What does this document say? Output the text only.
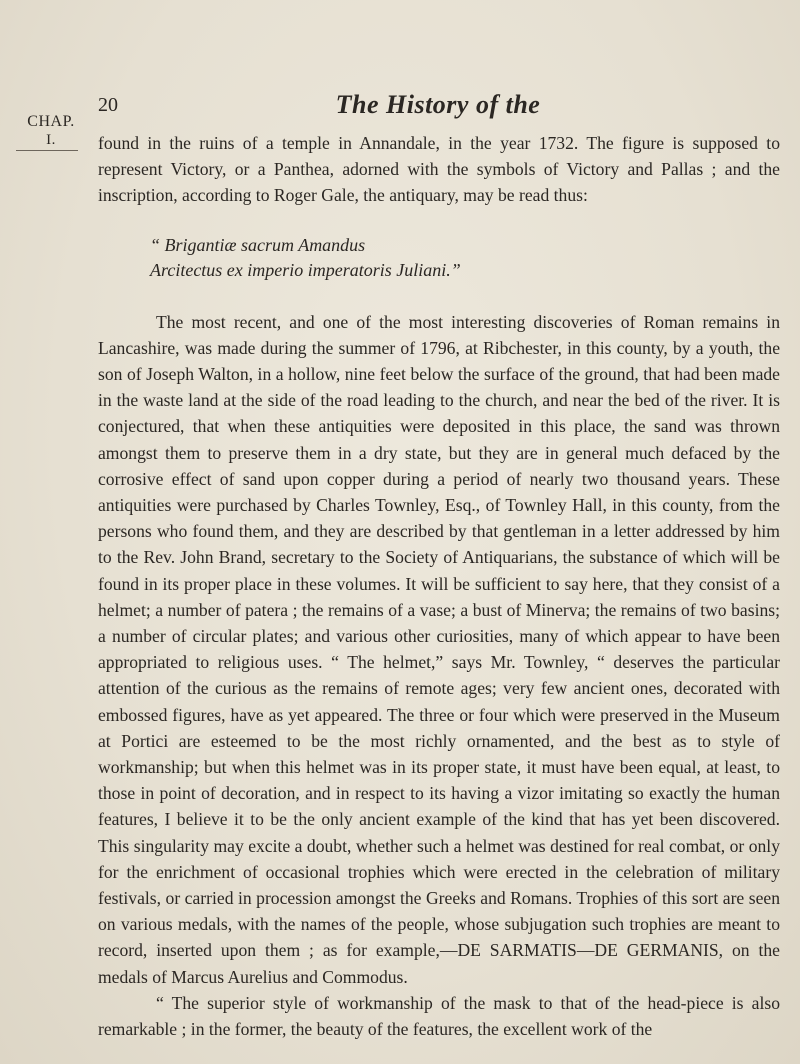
CHAP.
I.
20	The History of the

found in the ruins of a temple in Annandale, in the year 1732. The figure is supposed to represent Victory, or a Panthea, adorned with the symbols of Victory and Pallas ; and the inscription, according to Roger Gale, the antiquary, may be read thus:

“ Brigantiæ sacrum Amandus
Arcitectus ex imperio imperatoris Juliani.”

The most recent, and one of the most interesting discoveries of Roman remains in Lancashire, was made during the summer of 1796, at Ribchester, in this county, by a youth, the son of Joseph Walton, in a hollow, nine feet below the surface of the ground, that had been made in the waste land at the side of the road leading to the church, and near the bed of the river. It is conjectured, that when these antiquities were deposited in this place, the sand was thrown amongst them to preserve them in a dry state, but they are in general much defaced by the corrosive effect of sand upon copper during a period of nearly two thousand years. These antiquities were purchased by Charles Townley, Esq., of Townley Hall, in this county, from the persons who found them, and they are described by that gentleman in a letter addressed by him to the Rev. John Brand, secretary to the Society of Antiquarians, the substance of which will be found in its proper place in these volumes. It will be sufficient to say here, that they consist of a helmet; a number of patera ; the remains of a vase; a bust of Minerva; the remains of two basins; a number of circular plates; and various other curiosities, many of which appear to have been appropriated to religious uses. “ The helmet,” says Mr. Townley, “ deserves the particular attention of the curious as the remains of remote ages; very few ancient ones, decorated with embossed figures, have as yet appeared. The three or four which were preserved in the Museum at Portici are esteemed to be the most richly ornamented, and the best as to style of workmanship; but when this helmet was in its proper state, it must have been equal, at least, to those in point of decoration, and in respect to its having a vizor imitating so exactly the human features, I believe it to be the only ancient example of the kind that has yet been discovered. This singularity may excite a doubt, whether such a helmet was destined for real combat, or only for the enrichment of occasional trophies which were erected in the celebration of military festivals, or carried in procession amongst the Greeks and Romans. Trophies of this sort are seen on various medals, with the names of the people, whose subjugation such trophies are meant to record, inserted upon them ; as for example,—DE SARMATIS—DE GERMANIS, on the medals of Marcus Aurelius and Commodus.

“ The superior style of workmanship of the mask to that of the head-piece is also remarkable ; in the former, the beauty of the features, the excellent work of the
